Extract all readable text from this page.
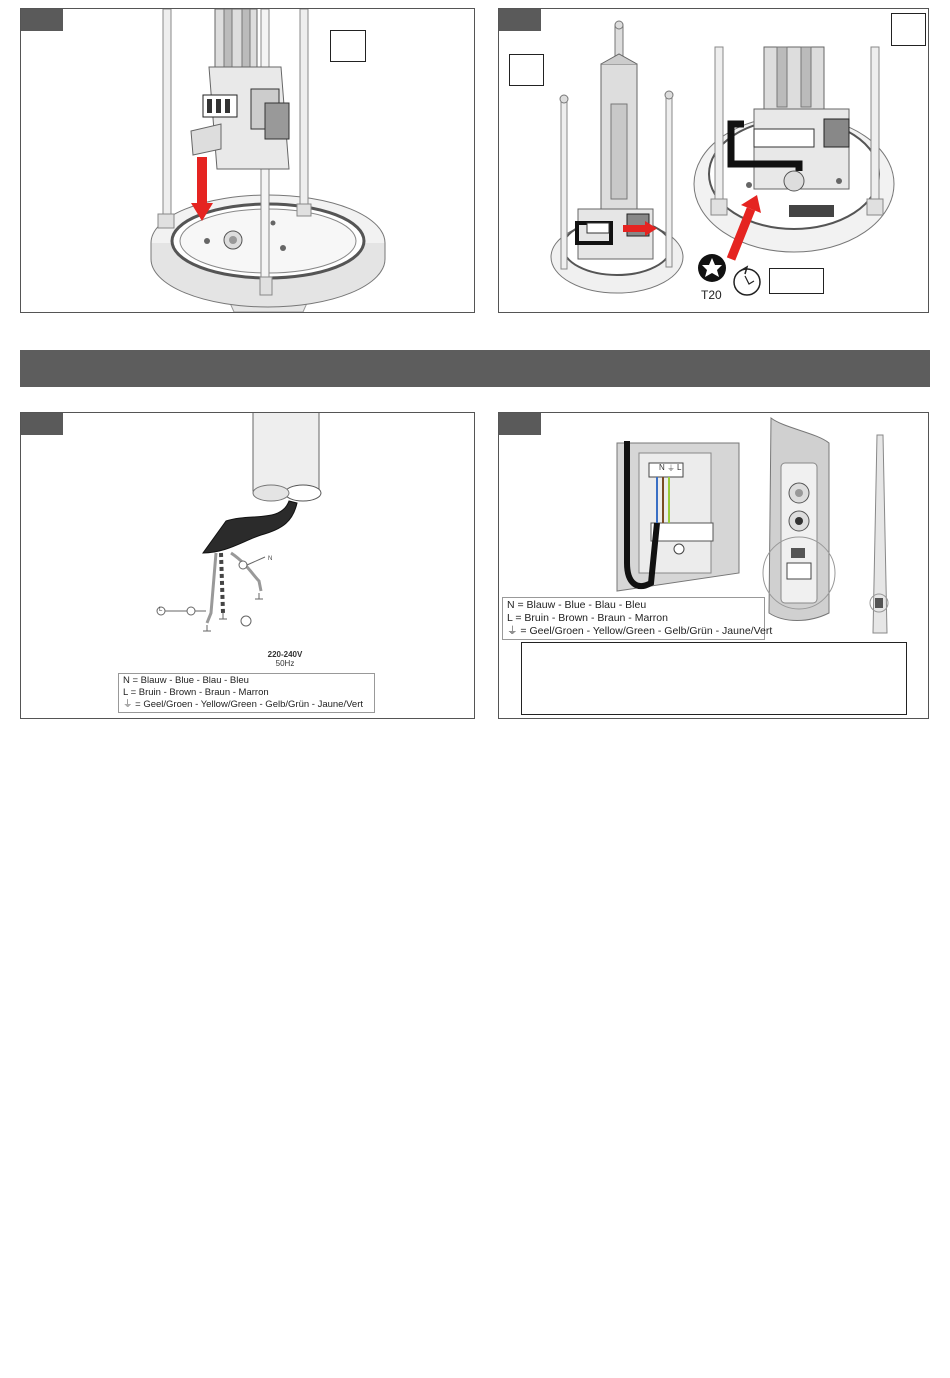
T20
N
L
220-240V
50Hz
N = Blauw - Blue - Blau - Bleu
L = Bruin - Brown - Braun - Marron
⏚ = Geel/Groen - Yellow/Green - Gelb/Grün - Jaune/Vert
N ⏚ L
N = Blauw - Blue - Blau - Bleu
L = Bruin - Brown - Braun - Marron
⏚ = Geel/Groen - Yellow/Green - Gelb/Grün - Jaune/Vert
